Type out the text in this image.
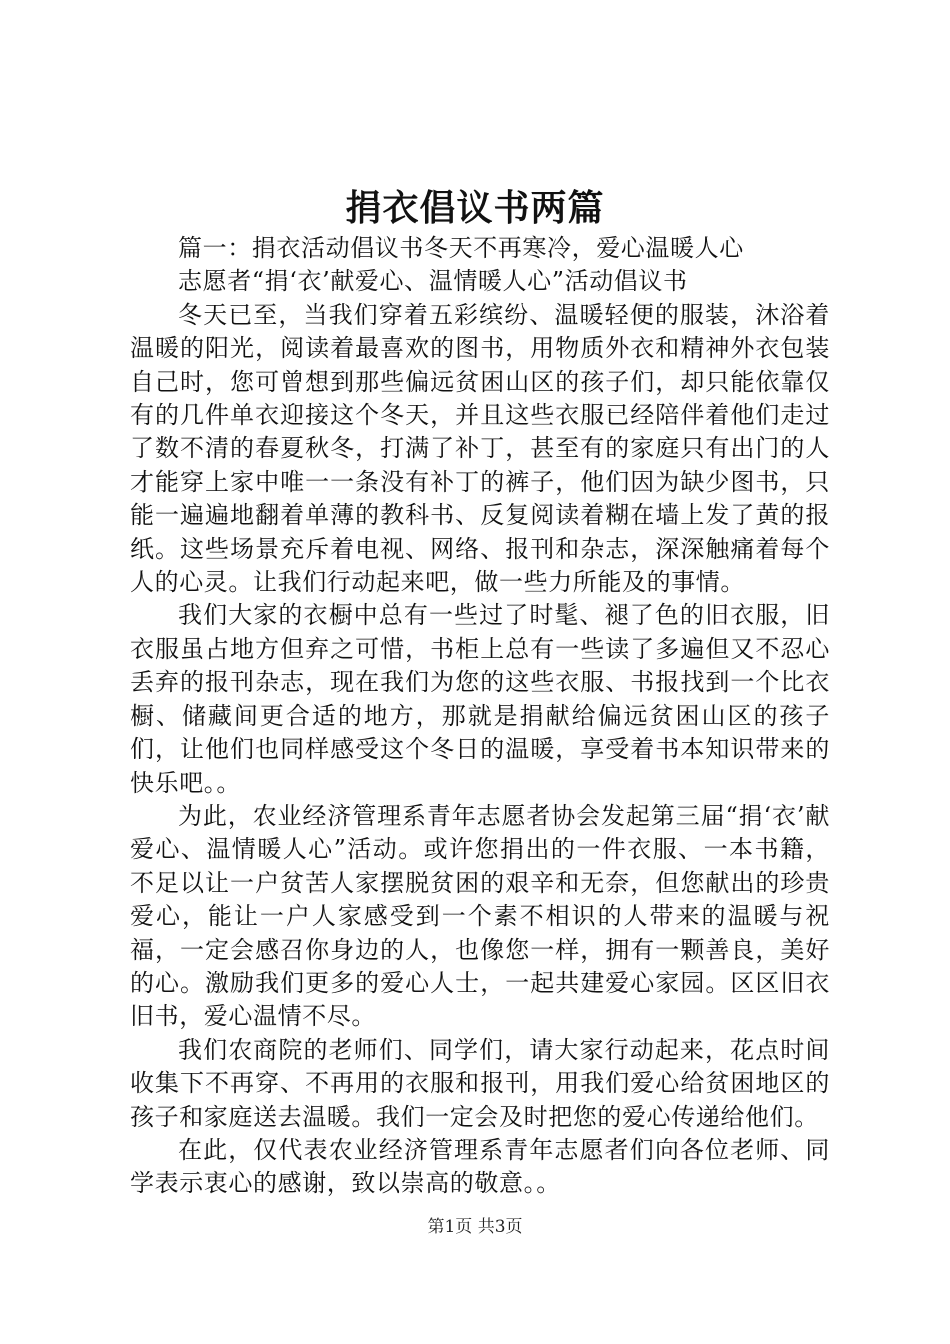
捐衣倡议书两篇

篇一：捐衣活动倡议书冬天不再寒冷，爱心温暖人心

志愿者“捐‘衣’献爱心、温情暖人心”活动倡议书

冬天已至，当我们穿着五彩缤纷、温暖轻便的服装，沐浴着温暖的阳光，阅读着最喜欢的图书，用物质外衣和精神外衣包装自己时，您可曾想到那些偏远贫困山区的孩子们，却只能依靠仅有的几件单衣迎接这个冬天，并且这些衣服已经陪伴着他们走过了数不清的春夏秋冬，打满了补丁，甚至有的家庭只有出门的人才能穿上家中唯一一条没有补丁的裤子，他们因为缺少图书，只能一遍遍地翻着单薄的教科书、反复阅读着糊在墙上发了黄的报纸。这些场景充斥着电视、网络、报刊和杂志，深深触痛着每个人的心灵。让我们行动起来吧，做一些力所能及的事情。

我们大家的衣橱中总有一些过了时髦、褪了色的旧衣服，旧衣服虽占地方但弃之可惜，书柜上总有一些读了多遍但又不忍心丢弃的报刊杂志，现在我们为您的这些衣服、书报找到一个比衣橱、储藏间更合适的地方，那就是捐献给偏远贫困山区的孩子们，让他们也同样感受这个冬日的温暖，享受着书本知识带来的快乐吧。。

为此，农业经济管理系青年志愿者协会发起第三届“捐‘衣’献爱心、温情暖人心”活动。或许您捐出的一件衣服、一本书籍，不足以让一户贫苦人家摆脱贫困的艰辛和无奈，但您献出的珍贵爱心，能让一户人家感受到一个素不相识的人带来的温暖与祝福，一定会感召你身边的人，也像您一样，拥有一颗善良，美好的心。激励我们更多的爱心人士，一起共建爱心家园。区区旧衣旧书，爱心温情不尽。

我们农商院的老师们、同学们，请大家行动起来，花点时间收集下不再穿、不再用的衣服和报刊，用我们爱心给贫困地区的孩子和家庭送去温暖。我们一定会及时把您的爱心传递给他们。

在此，仅代表农业经济管理系青年志愿者们向各位老师、同学表示衷心的感谢，致以崇高的敬意。。

第1页 共3页
